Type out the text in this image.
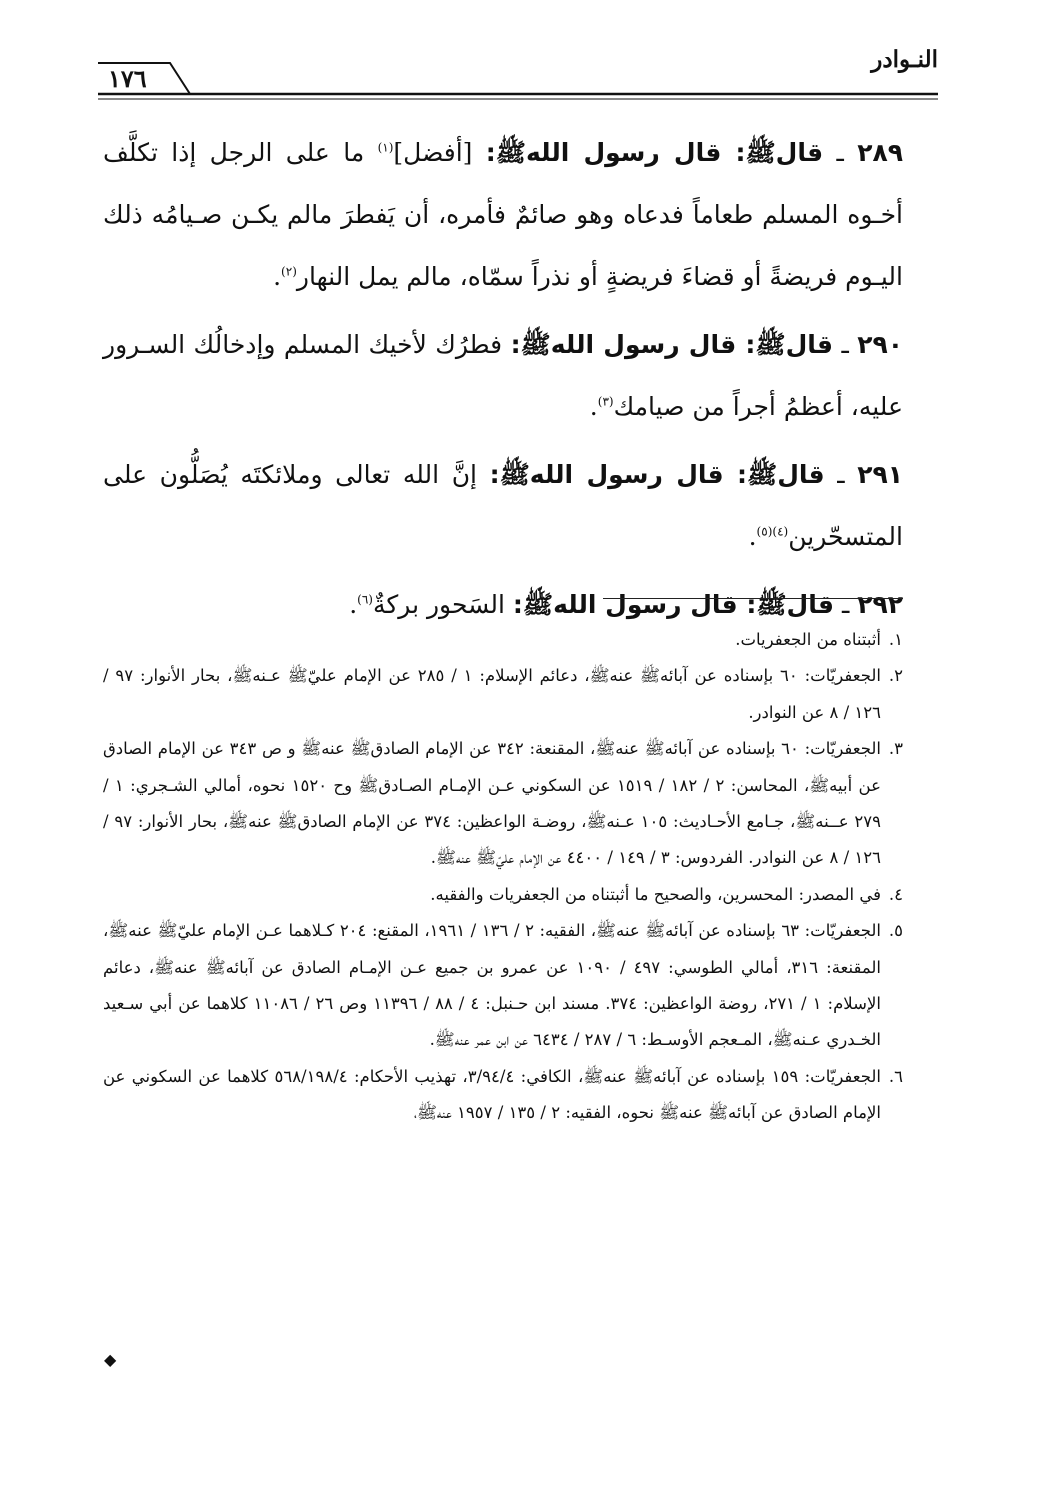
النـوادر
١٧٦

٢٨٩ ـ قال‏ﷺ: قال رسول الله‏ﷺ: [أفضل]$^{(١)}$ ما على الرجل إذا تكلَّف أخـوه المسلم طعاماً فدعاه وهو صائمٌ فأمره، أن يَفطرَ مالم يكـن صـيامُه ذلك اليـوم فريضةً أو قضاءَ فريضةٍ أو نذراً سمّاه، مالم يمل النهار$^{(٢)}$.

٢٩٠ ـ قال‏ﷺ: قال رسول الله‏ﷺ: فطرُك لأخيك المسلم وإدخالُك السـرور عليه، أعظمُ أجراً من صيامك$^{(٣)}$.

٢٩١ ـ قال‏ﷺ: قال رسول الله‏ﷺ: إنَّ الله تعالى وملائكتَه يُصَلُّون على المتسحّرين$^{(٤)(٥)}$.

٢٩٢ ـ قال‏ﷺ: قال رسول الله‏ﷺ: السَحور بركةٌ$^{(٦)}$.

١.
أثبتناه من الجعفريات.
٢.
الجعفريّات: ٦٠ بإسناده عن آبائه‏ﷺ عنه‏ﷺ، دعائم الإسلام: ١ / ٢٨٥ عن الإمام عليّ‏ﷺ عـنه‏ﷺ، بحار الأنوار: ٩٧ / ١٢٦ / ٨ عن النوادر.
٣.
الجعفريّات: ٦٠ بإسناده عن آبائه‏ﷺ عنه‏ﷺ، المقنعة: ٣٤٢ عن الإمام الصادق‏ﷺ عنه‏ﷺ و ص ٣٤٣ عن الإمام الصادق عن أبيه‏ﷺ، المحاسن: ٢ / ١٨٢ / ١٥١٩ عن السكوني عـن الإمـام الصـادق‏ﷺ وح ١٥٢٠ نحوه، أمالي الشـجري: ١ / ٢٧٩ عــنه‏ﷺ، جـامع الأحـاديث: ١٠٥ عـنه‏ﷺ، روضـة الواعظين: ٣٧٤ عن الإمام الصادق‏ﷺ عنه‏ﷺ، بحار الأنوار: ٩٧ / ١٢٦ / ٨ عن النوادر. الفردوس: ٣ / ١٤٩ / ٤٤٠٠ عن الإمام عليّ‏ﷺ عنه‏ﷺ.
٤.
في المصدر: المحسرين، والصحيح ما أثبتناه من الجعفريات والفقيه.
٥.
الجعفريّات: ٦٣ بإسناده عن آبائه‏ﷺ عنه‏ﷺ، الفقيه: ٢ / ١٣٦ / ١٩٦١، المقنع: ٢٠٤ كـلاهما عـن الإمام عليّ‏ﷺ عنه‏ﷺ، المقنعة: ٣١٦، أمالي الطوسي: ٤٩٧ / ١٠٩٠ عن عمرو بن جميع عـن الإمـام الصادق عن آبائه‏ﷺ عنه‏ﷺ، دعائم الإسلام: ١ / ٢٧١، روضة الواعظين: ٣٧٤. مسند ابن حـنبل: ٤ / ٨٨ / ١١٣٩٦ وص ٢٦ / ١١٠٨٦ كلاهما عن أبي سـعيد الخـدري عـنه‏ﷺ، المـعجم الأوسـط: ٦ / ٢٨٧ / ٦٤٣٤ عن ابن عمر عنه‏ﷺ.
٦.
الجعفريّات: ١٥٩ بإسناده عن آبائه‏ﷺ عنه‏ﷺ، الكافي: ٣/٩٤/٤، تهذيب الأحكام: ٥٦٨/١٩٨/٤ كلاهما عن السكوني عن الإمام الصادق عن آبائه‏ﷺ عنه‏ﷺ نحوه، الفقيه: ٢ / ١٣٥ / ١٩٥٧ عنه‏ﷺ،
◆
